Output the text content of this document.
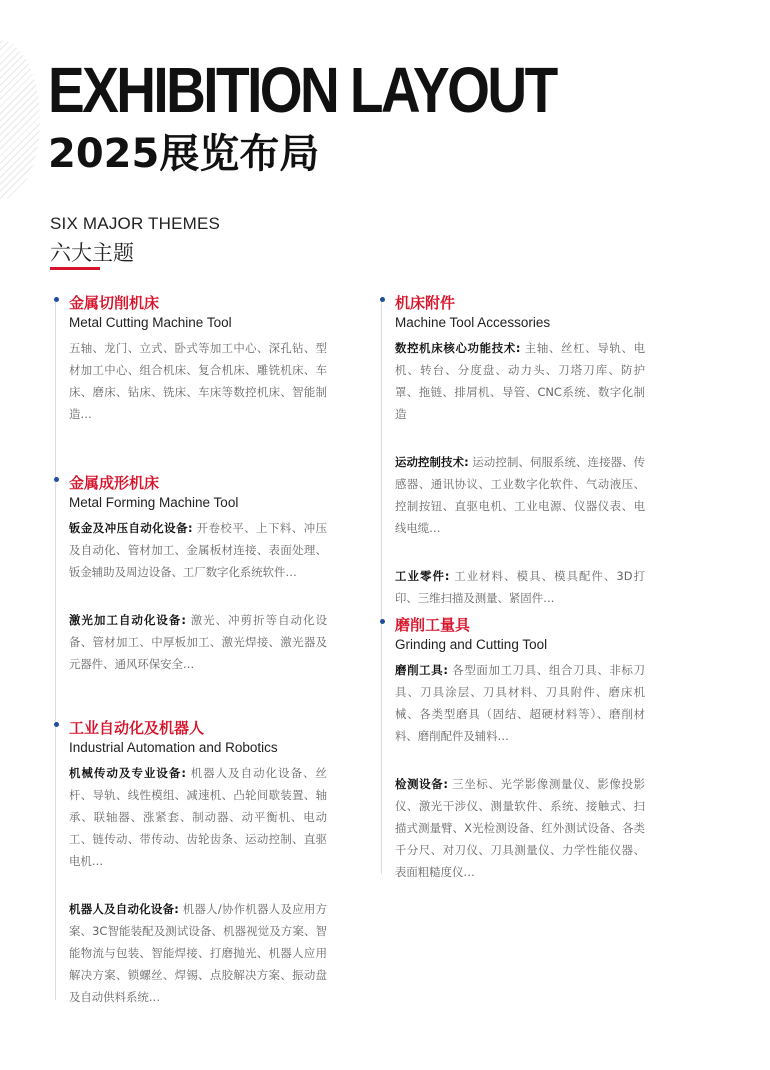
EXHIBITION LAYOUT
2025展览布局
SIX MAJOR THEMES
六大主题
金属切削机床
Metal Cutting Machine Tool
五轴、龙门、立式、卧式等加工中心、深孔钻、型材加工中心、组合机床、复合机床、雕铣机床、车床、磨床、钻床、铣床、车床等数控机床、智能制造…
金属成形机床
Metal Forming Machine Tool
钣金及冲压自动化设备: 开卷校平、上下料、冲压及自动化、管材加工、金属板材连接、表面处理、钣金辅助及周边设备、工厂数字化系统软件…
激光加工自动化设备: 激光、冲剪折等自动化设备、管材加工、中厚板加工、激光焊接、激光器及元器件、通风环保安全…
工业自动化及机器人
Industrial Automation and Robotics
机械传动及专业设备: 机器人及自动化设备、丝杆、导轨、线性模组、减速机、凸轮间歇装置、轴承、联轴器、涨紧套、制动器、动平衡机、电动工、链传动、带传动、齿轮齿条、运动控制、直驱电机…
机器人及自动化设备: 机器人/协作机器人及应用方案、3C智能装配及测试设备、机器视觉及方案、智能物流与包装、智能焊接、打磨抛光、机器人应用解决方案、锁螺丝、焊锡、点胶解决方案、振动盘及自动供料系统…
机床附件
Machine Tool Accessories
数控机床核心功能技术: 主轴、丝杠、导轨、电机、转台、分度盘、动力头、刀塔刀库、防护罩、拖链、排屑机、导管、CNC系统、数字化制造
运动控制技术: 运动控制、伺服系统、连接器、传感器、通讯协议、工业数字化软件、气动液压、控制按钮、直驱电机、工业电源、仪器仪表、电线电缆…
工业零件: 工业材料、模具、模具配件、3D打印、三维扫描及测量、紧固件…
磨削工量具
Grinding and Cutting Tool
磨削工具: 各型面加工刀具、组合刀具、非标刀具、刀具涂层、刀具材料、刀具附件、磨床机械、各类型磨具（固结、超硬材料等）、磨削材料、磨削配件及辅料…
检测设备: 三坐标、光学影像测量仪、影像投影仪、激光干涉仪、测量软件、系统、接触式、扫描式测量臂、X光检测设备、红外测试设备、各类千分尺、对刀仪、刀具测量仪、力学性能仪器、表面粗糙度仪…
